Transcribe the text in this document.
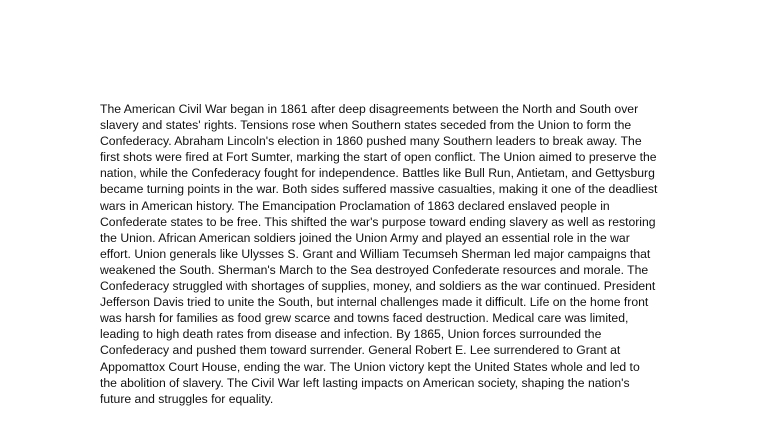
The American Civil War began in 1861 after deep disagreements between the North and South over
slavery and states' rights. Tensions rose when Southern states seceded from the Union to form the
Confederacy. Abraham Lincoln's election in 1860 pushed many Southern leaders to break away. The
first shots were fired at Fort Sumter, marking the start of open conflict. The Union aimed to preserve the
nation, while the Confederacy fought for independence. Battles like Bull Run, Antietam, and Gettysburg
became turning points in the war. Both sides suffered massive casualties, making it one of the deadliest
wars in American history. The Emancipation Proclamation of 1863 declared enslaved people in
Confederate states to be free. This shifted the war's purpose toward ending slavery as well as restoring
the Union. African American soldiers joined the Union Army and played an essential role in the war
effort. Union generals like Ulysses S. Grant and William Tecumseh Sherman led major campaigns that
weakened the South. Sherman's March to the Sea destroyed Confederate resources and morale. The
Confederacy struggled with shortages of supplies, money, and soldiers as the war continued. President
Jefferson Davis tried to unite the South, but internal challenges made it difficult. Life on the home front
was harsh for families as food grew scarce and towns faced destruction. Medical care was limited,
leading to high death rates from disease and infection. By 1865, Union forces surrounded the
Confederacy and pushed them toward surrender. General Robert E. Lee surrendered to Grant at
Appomattox Court House, ending the war. The Union victory kept the United States whole and led to
the abolition of slavery. The Civil War left lasting impacts on American society, shaping the nation's
future and struggles for equality.
